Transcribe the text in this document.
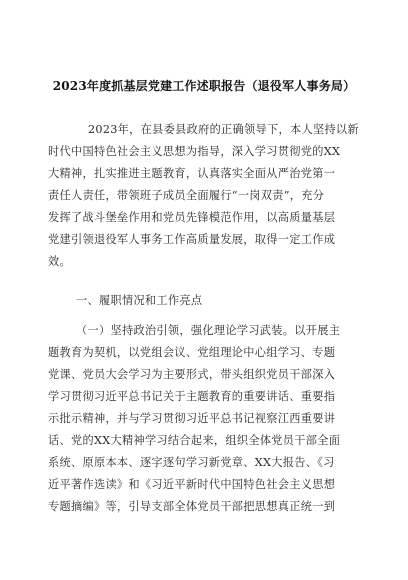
2023年度抓基层党建工作述职报告（退役军人事务局）
2023年，在县委县政府的正确领导下，本人坚持以新
时代中国特色社会主义思想为指导，深入学习贯彻党的XX
大精神，扎实推进主题教育，认真落实全面从严治党第一
责任人责任，带领班子成员全面履行“一岗双责”，充分
发挥了战斗堡垒作用和党员先锋模范作用，以高质量基层
党建引领退役军人事务工作高质量发展，取得一定工作成
效。
一、履职情况和工作亮点
（一）坚持政治引领，强化理论学习武装。以开展主
题教育为契机，以党组会议、党组理论中心组学习、专题
党课、党员大会学习为主要形式，带头组织党员干部深入
学习贯彻习近平总书记关于主题教育的重要讲话、重要指
示批示精神，并与学习贯彻习近平总书记视察江西重要讲
话、党的XX大精神学习结合起来，组织全体党员干部全面
系统、原原本本、逐字逐句学习新党章、XX大报告、《习
近平著作选读》和《习近平新时代中国特色社会主义思想
专题摘编》等，引导支部全体党员干部把思想真正统一到
